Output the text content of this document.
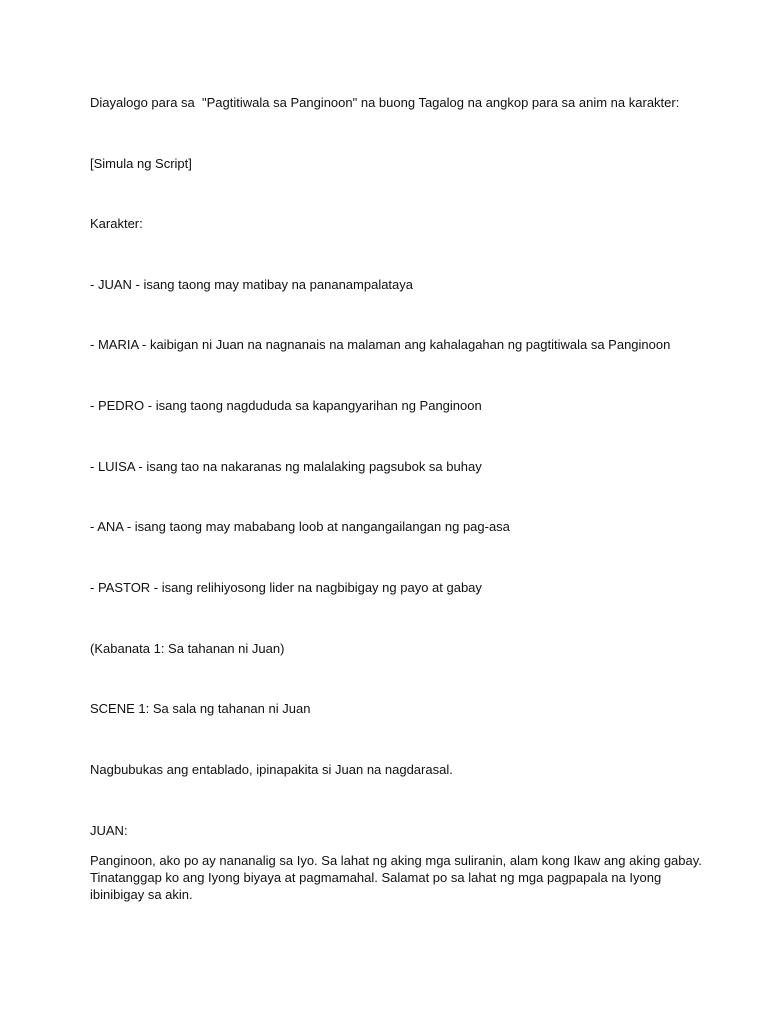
Diayalogo para sa  "Pagtitiwala sa Panginoon" na buong Tagalog na angkop para sa anim na karakter:
[Simula ng Script]
Karakter:
- JUAN - isang taong may matibay na pananampalataya
- MARIA - kaibigan ni Juan na nagnanais na malaman ang kahalagahan ng pagtitiwala sa Panginoon
- PEDRO - isang taong nagdududa sa kapangyarihan ng Panginoon
- LUISA - isang tao na nakaranas ng malalaking pagsubok sa buhay
- ANA - isang taong may mababang loob at nangangailangan ng pag-asa
- PASTOR - isang relihiyosong lider na nagbibigay ng payo at gabay
(Kabanata 1: Sa tahanan ni Juan)
SCENE 1: Sa sala ng tahanan ni Juan
Nagbubukas ang entablado, ipinapakita si Juan na nagdarasal.
JUAN:
Panginoon, ako po ay nananalig sa Iyo. Sa lahat ng aking mga suliranin, alam kong Ikaw ang aking gabay.
Tinatanggap ko ang Iyong biyaya at pagmamahal. Salamat po sa lahat ng mga pagpapala na Iyong
ibinibigay sa akin.
